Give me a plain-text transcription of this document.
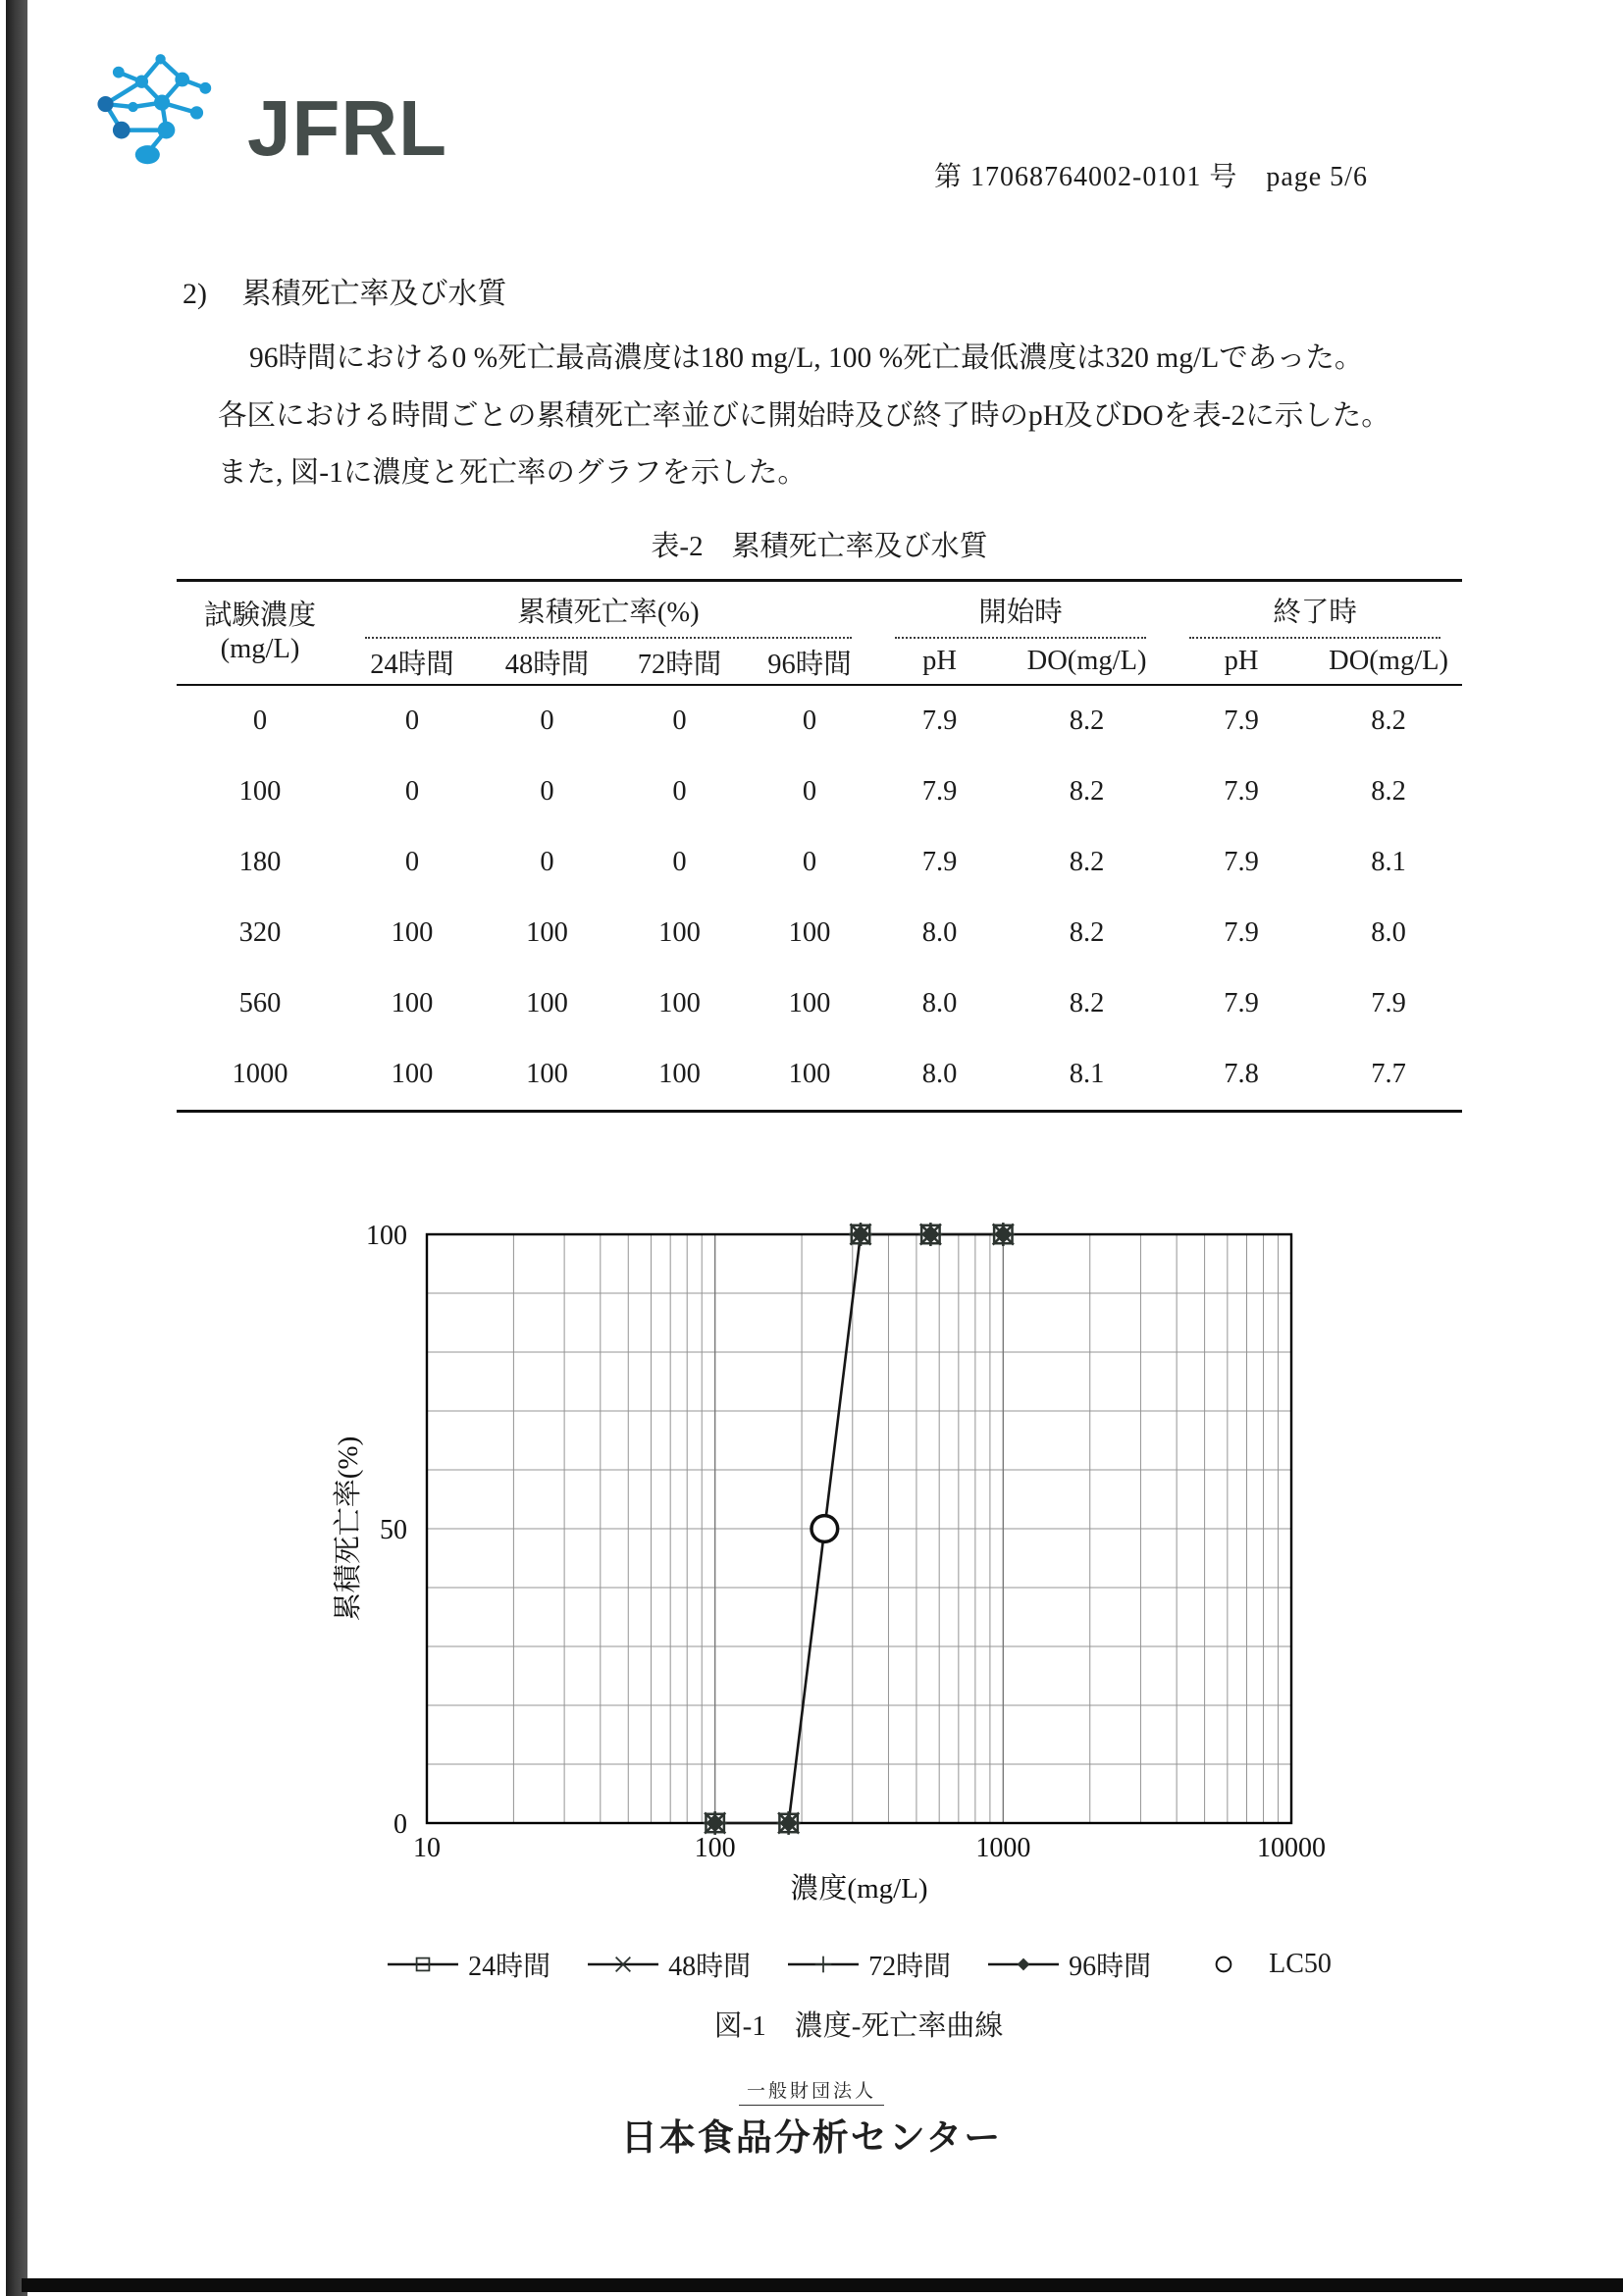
JFRL
第 17068764002-0101 号　page 5/6
2) 累積死亡率及び水質
96時間における0 %死亡最高濃度は180 mg/L, 100 %死亡最低濃度は320 mg/Lであった。
各区における時間ごとの累積死亡率並びに開始時及び終了時のpH及びDOを表-2に示した。
また, 図-1に濃度と死亡率のグラフを示した。
表-2　累積死亡率及び水質
試験濃度
(mg/L)	累積死亡率(%)				開始時		終了時	

	24時間	48時間	72時間	96時間	pH	DO(mg/L)	pH	DO(mg/L)
0	0	0	0	0	7.9	8.2	7.9	8.2
100	0	0	0	0	7.9	8.2	7.9	8.2
180	0	0	0	0	7.9	8.2	7.9	8.1
320	100	100	100	100	8.0	8.2	7.9	8.0
560	100	100	100	100	8.0	8.2	7.9	7.9
1000	100	100	100	100	8.0	8.1	7.8	7.7
10	100	1000	10000
0
50
100
濃度(mg/L)
累積死亡率(%)
24時間	48時間	72時間	96時間	LC50
図-1　濃度-死亡率曲線
一般財団法人
日本食品分析センター
